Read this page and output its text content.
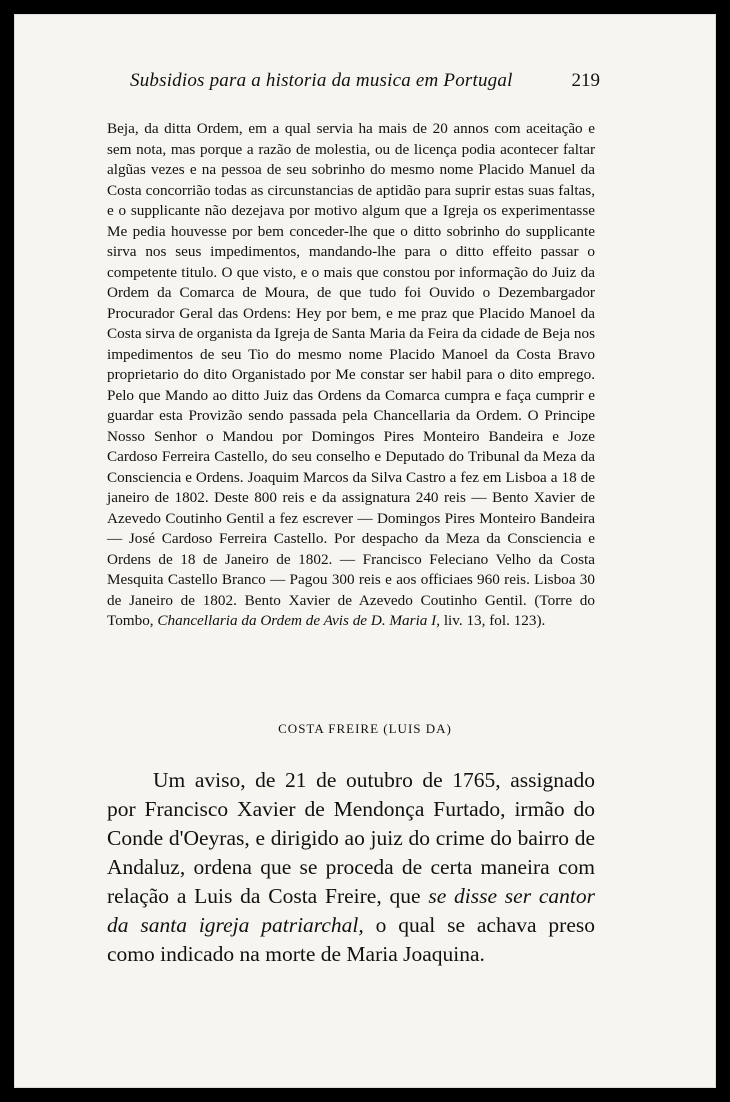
Subsidios para a historia da musica em Portugal	219

Beja, da ditta Ordem, em a qual servia ha mais de 20 annos com aceitação e sem nota, mas porque a razão de molestia, ou de licença podia acontecer faltar algũas vezes e na pessoa de seu sobrinho do mesmo nome Placido Manuel da Costa concorrião todas as circunstancias de aptidão para suprir estas suas faltas, e o supplicante não dezejava por motivo algum que a Igreja os experimentasse Me pedia houvesse por bem conceder-lhe que o ditto sobrinho do supplicante sirva nos seus impedimentos, mandando-lhe para o ditto effeito passar o competente titulo. O que visto, e o mais que constou por informação do Juiz da Ordem da Comarca de Moura, de que tudo foi Ouvido o Dezembargador Procurador Geral das Ordens: Hey por bem, e me praz que Placido Manoel da Costa sirva de organista da Igreja de Santa Maria da Feira da cidade de Beja nos impedimentos de seu Tio do mesmo nome Placido Manoel da Costa Bravo proprietario do dito Organistado por Me constar ser habil para o dito emprego. Pelo que Mando ao ditto Juiz das Ordens da Comarca cumpra e faça cumprir e guardar esta Provizão sendo passada pela Chancellaria da Ordem. O Principe Nosso Senhor o Mandou por Domingos Pires Monteiro Bandeira e Joze Cardoso Ferreira Castello, do seu conselho e Deputado do Tribunal da Meza da Consciencia e Ordens. Joaquim Marcos da Silva Castro a fez em Lisboa a 18 de janeiro de 1802. Deste 800 reis e da assignatura 240 reis — Bento Xavier de Azevedo Coutinho Gentil a fez escrever — Domingos Pires Monteiro Bandeira — José Cardoso Ferreira Castello. Por despacho da Meza da Consciencia e Ordens de 18 de Janeiro de 1802. — Francisco Feleciano Velho da Costa Mesquita Castello Branco — Pagou 300 reis e aos officiaes 960 reis. Lisboa 30 de Janeiro de 1802. Bento Xavier de Azevedo Coutinho Gentil. (Torre do Tombo, Chancellaria da Ordem de Avis de D. Maria I, liv. 13, fol. 123).

COSTA FREIRE (LUIS DA)

Um aviso, de 21 de outubro de 1765, assignado por Francisco Xavier de Mendonça Furtado, irmão do Conde d'Oeyras, e dirigido ao juiz do crime do bairro de Andaluz, ordena que se proceda de certa maneira com relação a Luis da Costa Freire, que se disse ser cantor da santa igreja patriarchal, o qual se achava preso como indicado na morte de Maria Joaquina.
